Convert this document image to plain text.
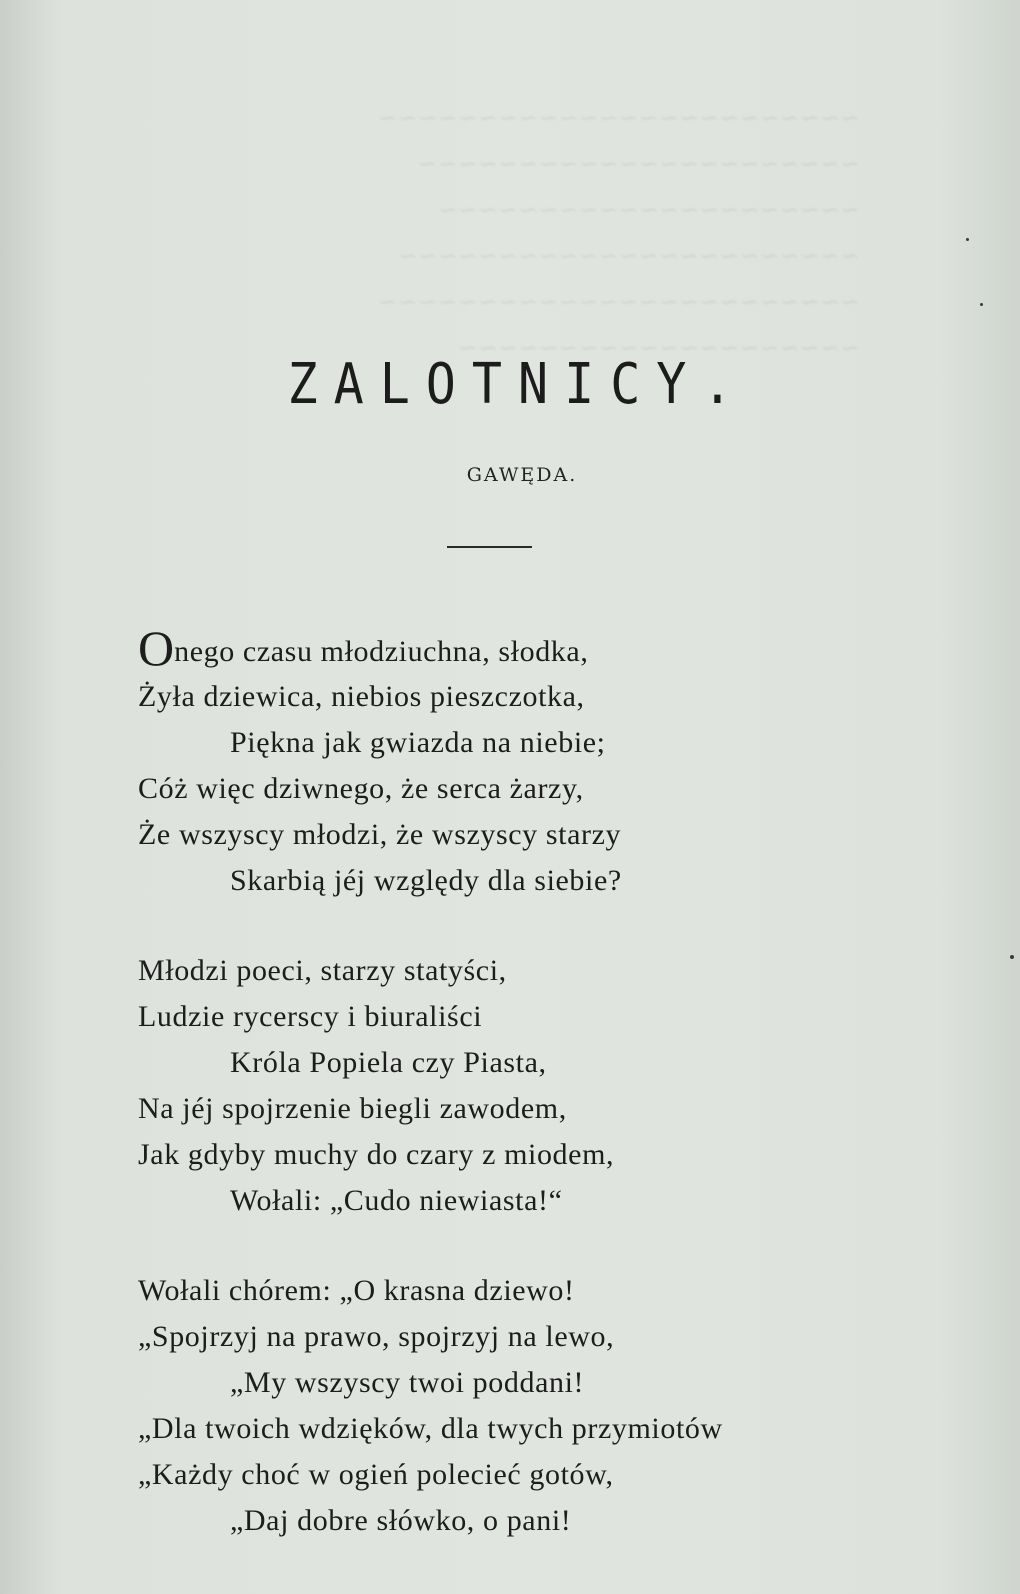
~~~~~~~~~~~~~~~~~~~~~~~~
~~~~~~~~~~~~~~~~~~~~~~
~~~~~~~~~~~~~~~~~~~~~
~~~~~~~~~~~~~~~~~~~~~~~
~~~~~~~~~~~~~~~~~~~~~~~~
~~~~~~~~~~~~~~~~~~~~
ZALOTNICY.
GAWĘDA.
Onego czasu młodziuchna, słodka,
Żyła dziewica, niebios pieszczotka,
Piękna jak gwiazda na niebie;
Cóż więc dziwnego, że serca żarzy,
Że wszyscy młodzi, że wszyscy starzy
Skarbią jéj względy dla siebie?
Młodzi poeci, starzy statyści,
Ludzie rycerscy i biuraliści
Króla Popiela czy Piasta,
Na jéj spojrzenie biegli zawodem,
Jak gdyby muchy do czary z miodem,
Wołali: „Cudo niewiasta!“
Wołali chórem: „O krasna dziewo!
„Spojrzyj na prawo, spojrzyj na lewo,
„My wszyscy twoi poddani!
„Dla twoich wdzięków, dla twych przymiotów
„Każdy choć w ogień polecieć gotów,
„Daj dobre słówko, o pani!
